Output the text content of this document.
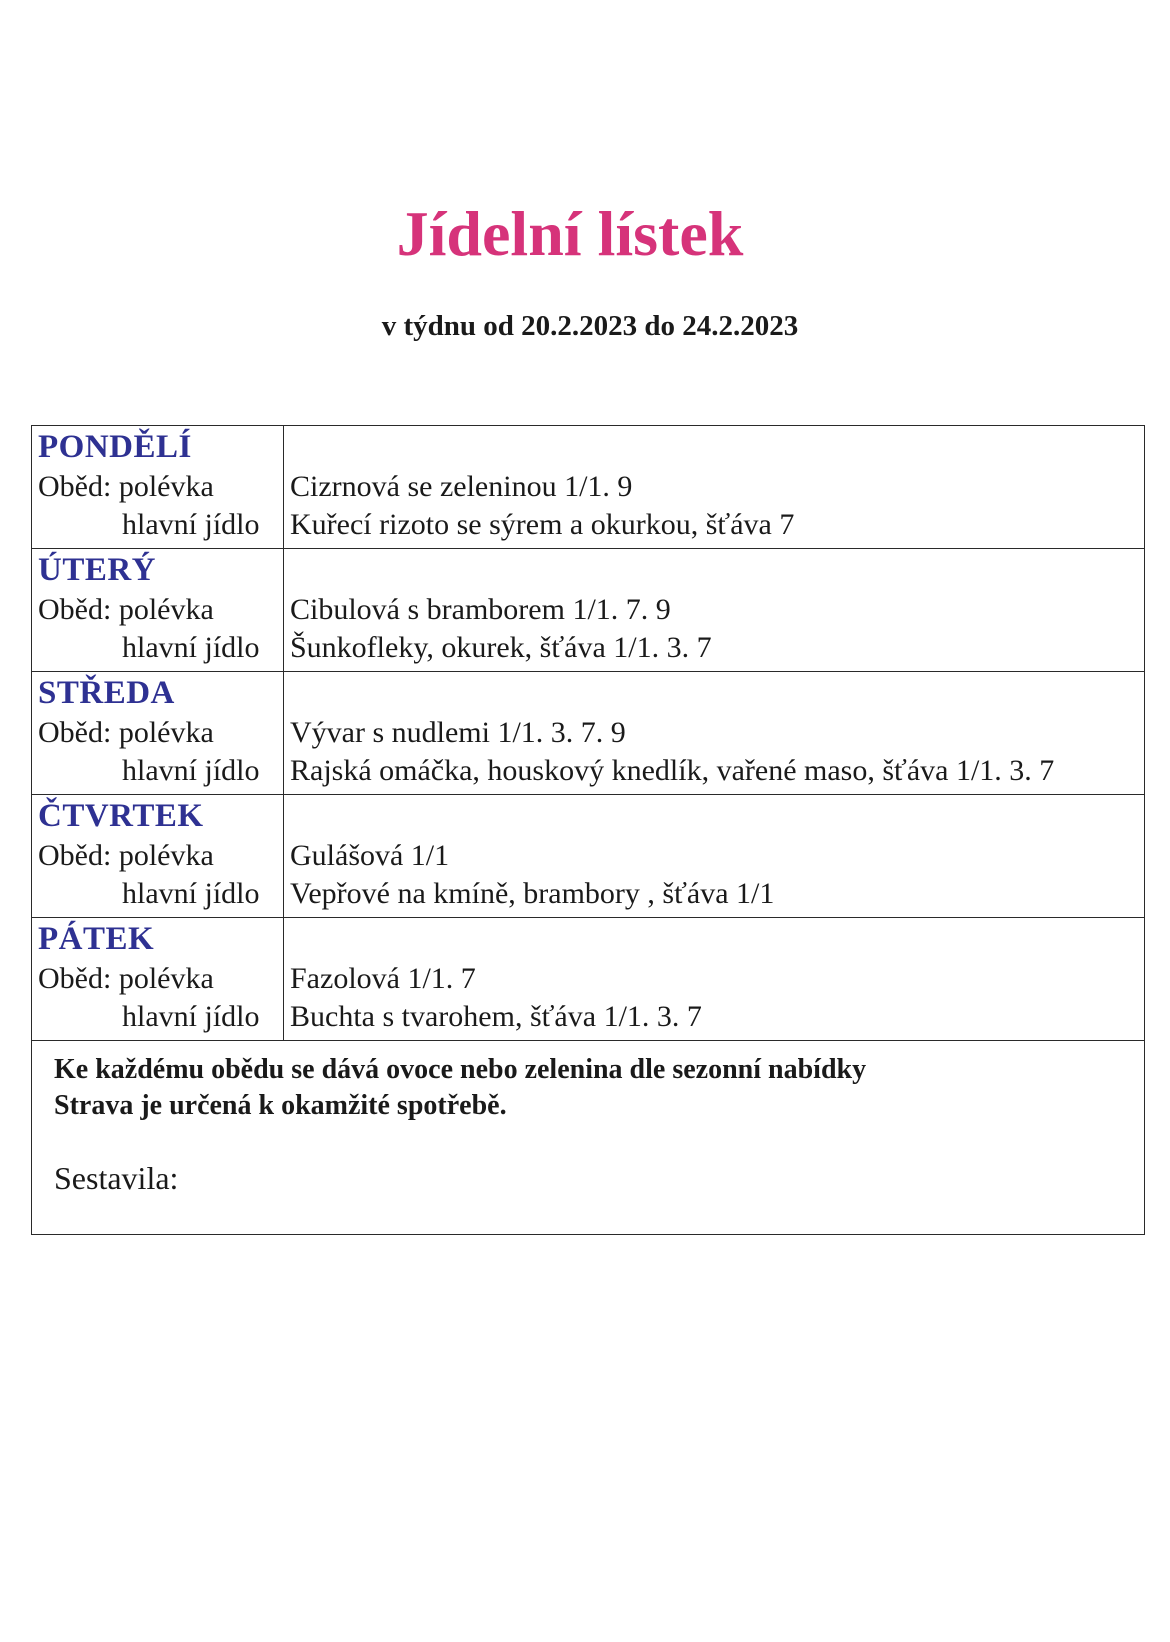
Jídelní lístek
v týdnu od 20.2.2023 do 24.2.2023
PONDĚLÍ
Oběd: polévka
hlavní jídlo
Cizrnová se zeleninou 1/1. 9
Kuřecí rizoto se sýrem a okurkou, šťáva 7
ÚTERÝ
Oběd: polévka
hlavní jídlo
Cibulová s bramborem 1/1. 7. 9
Šunkofleky, okurek, šťáva 1/1. 3. 7
STŘEDA
Oběd: polévka
hlavní jídlo
Vývar s nudlemi 1/1. 3. 7. 9
Rajská omáčka, houskový knedlík, vařené maso, šťáva 1/1. 3. 7
ČTVRTEK
Oběd: polévka
hlavní jídlo
Gulášová 1/1
Vepřové na kmíně, brambory , šťáva 1/1
PÁTEK
Oběd: polévka
hlavní jídlo
Fazolová 1/1. 7
Buchta s tvarohem, šťáva 1/1. 3. 7
Ke každému obědu se dává ovoce nebo zelenina dle sezonní nabídky
Strava je určená k okamžité spotřebě.
Sestavila:
